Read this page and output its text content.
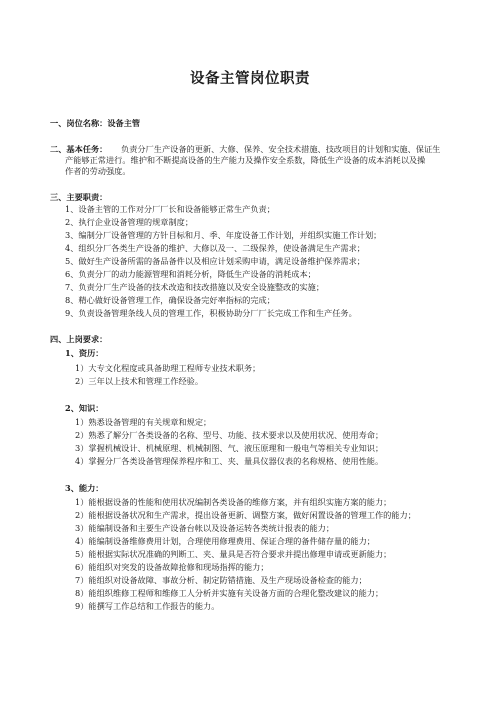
设备主管岗位职责
一、岗位名称：设备主管
二、基本任务： 负责分厂生产设备的更新、大修、保养、安全技术措施、技改项目的计划和实施、保证生
产能够正常进行。维护和不断提高设备的生产能力及操作安全系数，降低生产设备的成本消耗以及操
作者的劳动强度。
三、主要职责：
1、设备主管的工作对分厂厂长和设备能够正常生产负责；
2、执行企业设备管理的规章制度；
3、编制分厂设备管理的方针目标和月、季、年度设备工作计划，并组织实施工作计划；
4、组织分厂各类生产设备的维护、大修以及一、二级保养，使设备满足生产需求；
5、做好生产设备所需的备品备件以及相应计划采购申请，满足设备维护保养需求；
6、负责分厂的动力能源管理和消耗分析，降低生产设备的消耗成本；
7、负责分厂生产设备的技术改造和技改措施以及安全设施整改的实施；
8、精心做好设备管理工作，确保设备完好率指标的完成；
9、负责设备管理条线人员的管理工作，积极协助分厂厂长完成工作和生产任务。
四、上岗要求：
1、资历：
1）大专文化程度或具备助理工程师专业技术职务；
2）三年以上技术和管理工作经验。
2、知识：
1）熟悉设备管理的有关规章和规定；
2）熟悉了解分厂各类设备的名称、型号、功能、技术要求以及使用状况、使用寿命；
3）掌握机械设计、机械原理、机械制图、气、液压原理和一般电气等相关专业知识；
4）掌握分厂各类设备管理保养程序和工、夹、量具仪器仪表的名称规格、使用性能。
3、能力：
1）能根据设备的性能和使用状况编制各类设备的维修方案，并有组织实施方案的能力；
2）能根据设备状况和生产需求，提出设备更新、调整方案，做好闲置设备的管理工作的能力；
3）能编制设备和主要生产设备台帐以及设备运转各类统计报表的能力；
4）能编制设备维修费用计划，合理使用修理费用、保证合理的备件储存量的能力；
5）能根据实际状况准确的判断工、夹、量具是否符合要求并提出修理申请或更新能力；
6）能组织对突发的设备故障抢修和现场指挥的能力；
7）能组织对设备故障、事故分析、制定防错措施、及生产现场设备检查的能力；
8）能组织维修工程师和维修工人分析并实施有关设备方面的合理化整改建议的能力；
9）能撰写工作总结和工作报告的能力。
